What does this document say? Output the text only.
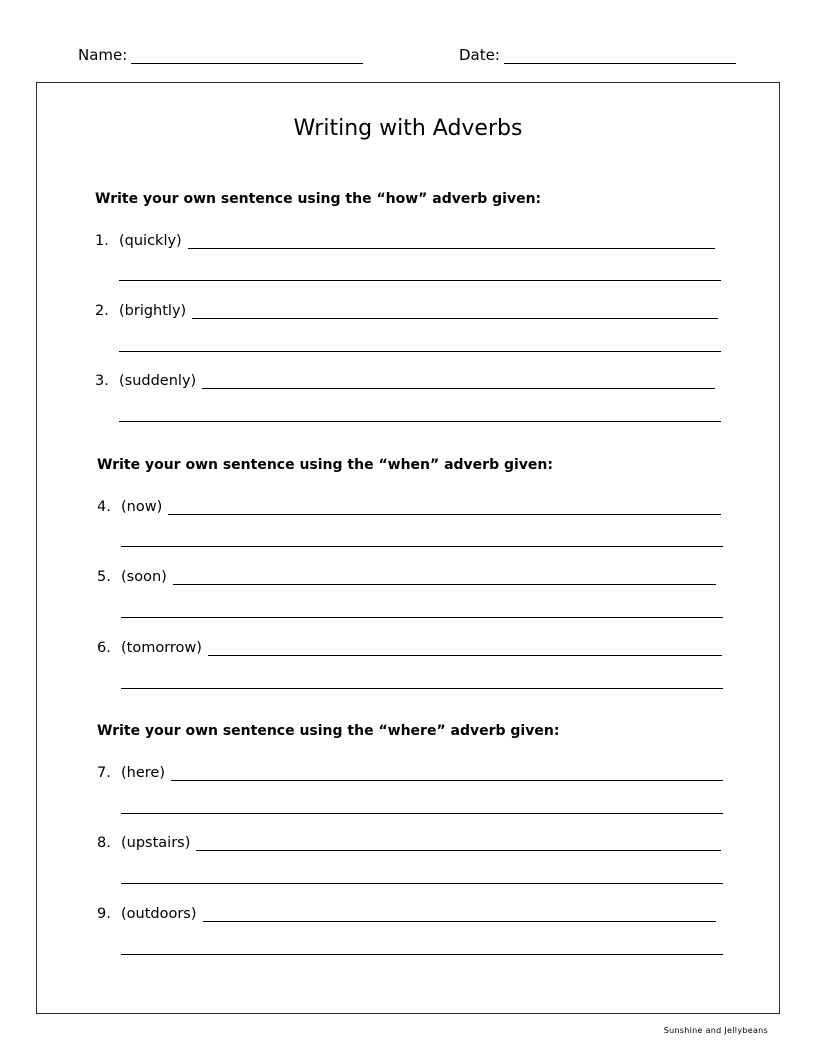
Name:	Date:
Writing with Adverbs
Write your own sentence using the “how” adverb given:
1. (quickly)
2. (brightly)
3. (suddenly)
Write your own sentence using the “when” adverb given:
4. (now)
5. (soon)
6. (tomorrow)
Write your own sentence using the “where” adverb given:
7. (here)
8. (upstairs)
9. (outdoors)
Sunshine and Jellybeans
